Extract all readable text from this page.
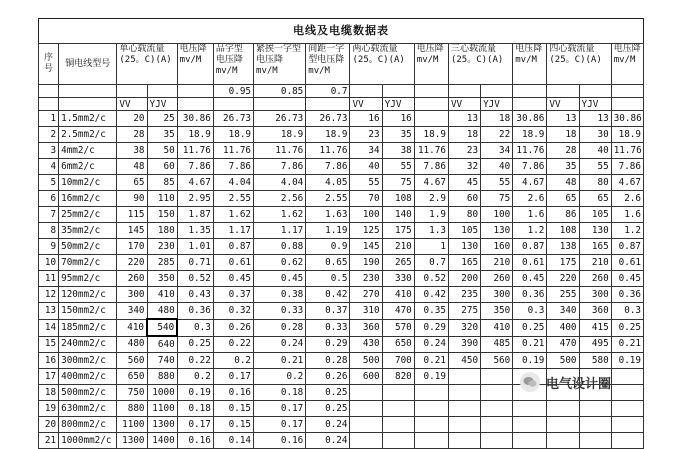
电线及电缆数据表
序号	铜电线型号	单心载流量(25。C)(A)		电压降mv/M	品字型电压降mv/M	紧挨一字型电压降mv/M	间距一字型电压降mv/M	两心载流量(25。C)(A)		电压降mv/M	三心载流量(25。C)(A)		电压降mv/M	四心载流量(25。C)(A)		电压降mv/M
					0.95	0.85	0.7									
		VV	YJV					VV	YJV		VV	YJV		VV	YJV	
1	1.5mm2/c	20	25	30.86	26.73	26.73	26.73	16	16		13	18	30.86	13	13	30.86
2	2.5mm2/c	28	35	18.9	18.9	18.9	18.9	23	35	18.9	18	22	18.9	18	30	18.9
3	4mm2/c	38	50	11.76	11.76	11.76	11.76	34	38	11.76	23	34	11.76	28	40	11.76
4	6mm2/c	48	60	7.86	7.86	7.86	7.86	40	55	7.86	32	40	7.86	35	55	7.86
5	10mm2/c	65	85	4.67	4.04	4.04	4.05	55	75	4.67	45	55	4.67	48	80	4.67
6	16mm2/c	90	110	2.95	2.55	2.56	2.55	70	108	2.9	60	75	2.6	65	65	2.6
7	25mm2/c	115	150	1.87	1.62	1.62	1.63	100	140	1.9	80	100	1.6	86	105	1.6
8	35mm2/c	145	180	1.35	1.17	1.17	1.19	125	175	1.3	105	130	1.2	108	130	1.2
9	50mm2/c	170	230	1.01	0.87	0.88	0.9	145	210	1	130	160	0.87	138	165	0.87
10	70mm2/c	220	285	0.71	0.61	0.62	0.65	190	265	0.7	165	210	0.61	175	210	0.61
11	95mm2/c	260	350	0.52	0.45	0.45	0.5	230	330	0.52	200	260	0.45	220	260	0.45
12	120mm2/c	300	410	0.43	0.37	0.38	0.42	270	410	0.42	235	300	0.36	255	300	0.36
13	150mm2/c	340	480	0.36	0.32	0.33	0.37	310	470	0.35	275	350	0.3	340	360	0.3
14	185mm2/c	410	540	0.3	0.26	0.28	0.33	360	570	0.29	320	410	0.25	400	415	0.25
15	240mm2/c	480	640	0.25	0.22	0.24	0.29	430	650	0.24	390	485	0.21	470	495	0.21
16	300mm2/c	560	740	0.22	0.2	0.21	0.28	500	700	0.21	450	560	0.19	500	580	0.19
17	400mm2/c	650	880	0.2	0.17	0.2	0.26	600	820	0.19						
18	500mm2/c	750	1000	0.19	0.16	0.18	0.25									
19	630mm2/c	880	1100	0.18	0.15	0.17	0.25									
20	800mm2/c	1100	1300	0.17	0.15	0.17	0.24									
21	1000mm2/c	1300	1400	0.16	0.14	0.16	0.24									
电气设计圈
